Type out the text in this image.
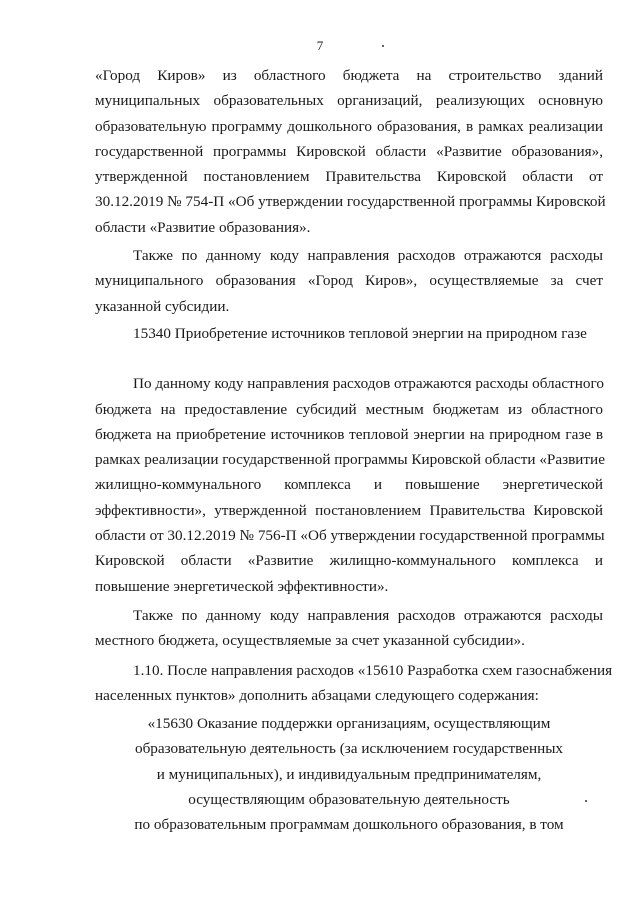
7
«Город Киров» из областного бюджета на строительство зданий
муниципальных образовательных организаций, реализующих основную
образовательную программу дошкольного образования, в рамках реализации
государственной программы Кировской области «Развитие образования»,
утвержденной постановлением Правительства Кировской области от
30.12.2019 № 754-П «Об утверждении государственной программы Кировской
области «Развитие образования».
Также по данному коду направления расходов отражаются расходы
муниципального образования «Город Киров», осуществляемые за счет
указанной субсидии.
15340 Приобретение источников тепловой энергии на природном газе
По данному коду направления расходов отражаются расходы областного
бюджета на предоставление субсидий местным бюджетам из областного
бюджета на приобретение источников тепловой энергии на природном газе в
рамках реализации государственной программы Кировской области «Развитие
жилищно-коммунального комплекса и повышение энергетической
эффективности», утвержденной постановлением Правительства Кировской
области от 30.12.2019 № 756-П «Об утверждении государственной программы
Кировской области «Развитие жилищно-коммунального комплекса и
повышение энергетической эффективности».
Также по данному коду направления расходов отражаются расходы
местного бюджета, осуществляемые за счет указанной субсидии».
1.10. После направления расходов «15610 Разработка схем газоснабжения
населенных пунктов» дополнить абзацами следующего содержания:
«15630 Оказание поддержки организациям, осуществляющим
образовательную деятельность (за исключением государственных
и муниципальных), и индивидуальным предпринимателям,
осуществляющим образовательную деятельность
по образовательным программам дошкольного образования, в том
